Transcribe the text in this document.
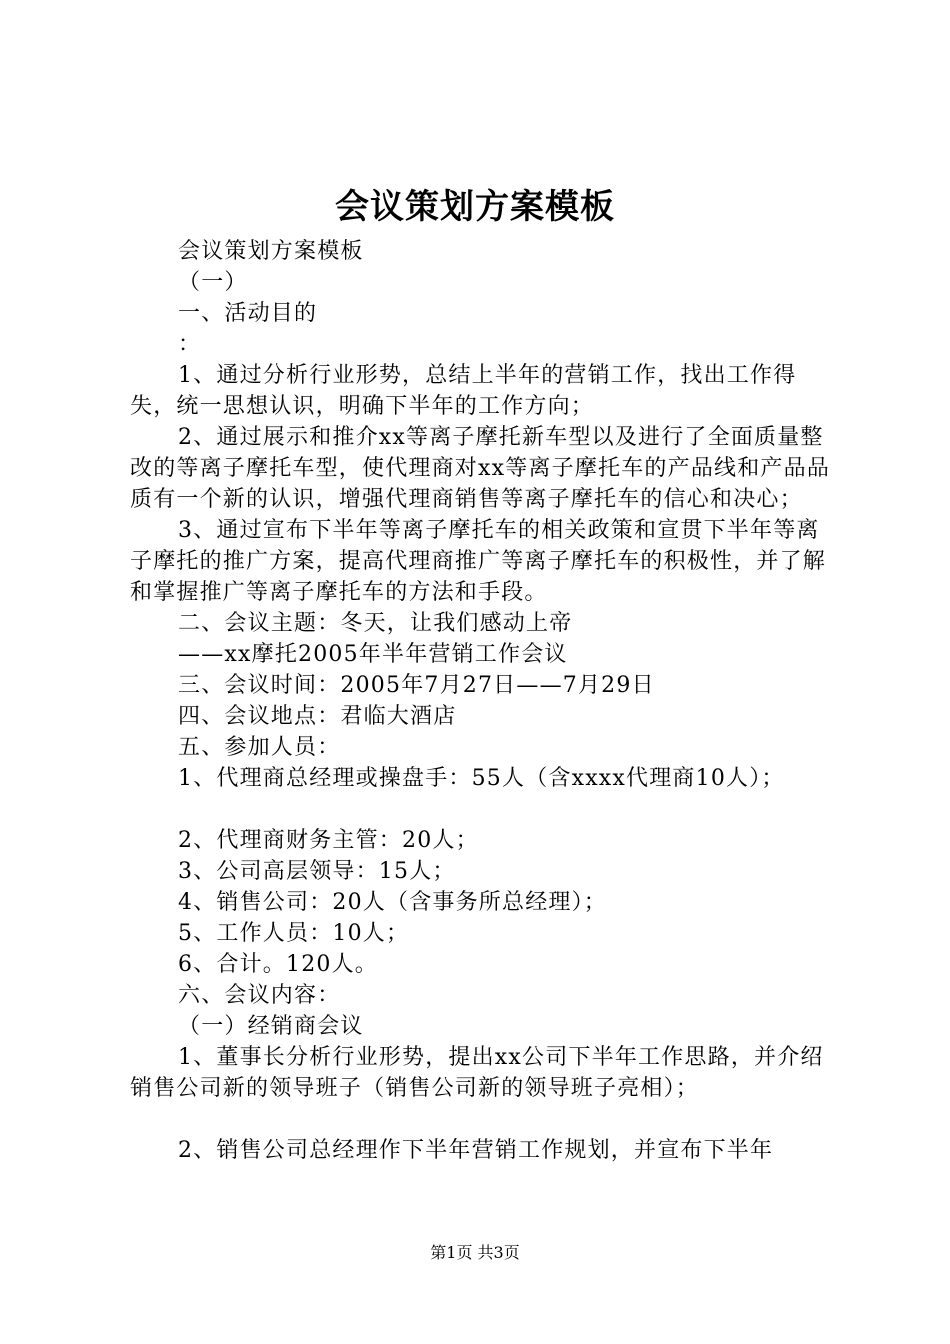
会议策划方案模板

会议策划方案模板

（一）

一、活动目的

：

1、通过分析行业形势，总结上半年的营销工作，找出工作得失，统一思想认识，明确下半年的工作方向；

2、通过展示和推介xx等离子摩托新车型以及进行了全面质量整改的等离子摩托车型，使代理商对xx等离子摩托车的产品线和产品品质有一个新的认识，增强代理商销售等离子摩托车的信心和决心；

3、通过宣布下半年等离子摩托车的相关政策和宣贯下半年等离子摩托的推广方案，提高代理商推广等离子摩托车的积极性，并了解和掌握推广等离子摩托车的方法和手段。

二、会议主题：冬天，让我们感动上帝

——xx摩托2005年半年营销工作会议

三、会议时间：2005年7月27日——7月29日

四、会议地点：君临大酒店

五、参加人员：

1、代理商总经理或操盘手：55人（含xxxx代理商10人）；

2、代理商财务主管：20人；

3、公司高层领导：15人；

4、销售公司：20人（含事务所总经理）；

5、工作人员：10人；

6、合计。120人。

六、会议内容：

（一）经销商会议

1、董事长分析行业形势，提出xx公司下半年工作思路，并介绍销售公司新的领导班子（销售公司新的领导班子亮相）；

2、销售公司总经理作下半年营销工作规划，并宣布下半年

第1页 共3页
